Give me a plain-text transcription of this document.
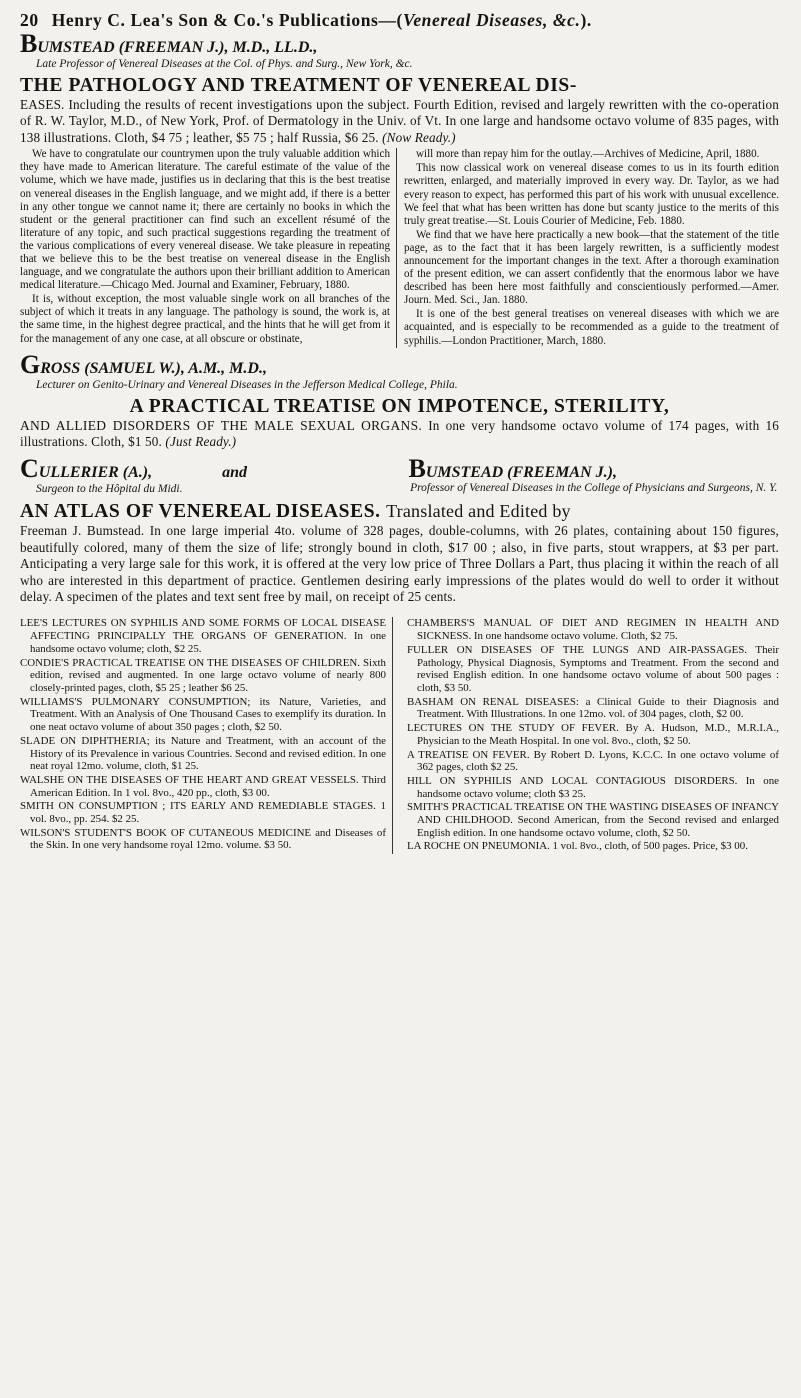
20 Henry C. Lea's Son & Co.'s Publications—(Venereal Diseases, &c.).
BUMSTEAD (FREEMAN J.), M.D., LL.D.,
Late Professor of Venereal Diseases at the Col. of Phys. and Surg., New York, &c.
THE PATHOLOGY AND TREATMENT OF VENEREAL DIS-
EASES. Including the results of recent investigations upon the subject. Fourth Edition, revised and largely rewritten with the co-operation of R. W. Taylor, M.D., of New York, Prof. of Dermatology in the Univ. of Vt. In one large and handsome octavo volume of 835 pages, with 138 illustrations. Cloth, $4 75 ; leather, $5 75 ; half Russia, $6 25. (Now Ready.)

We have to congratulate our countrymen upon the truly valuable addition which they have made to American literature. The careful estimate of the value of the volume, which we have made, justifies us in declaring that this is the best treatise on venereal diseases in the English language, and we might add, if there is a better in any other tongue we cannot name it; there are certainly no books in which the student or the general practitioner can find such an excellent résumé of the literature of any topic, and such practical suggestions regarding the treatment of the various complications of every venereal disease. We take pleasure in repeating that we believe this to be the best treatise on venereal disease in the English language, and we congratulate the authors upon their brilliant addition to American medical literature.—Chicago Med. Journal and Examiner, February, 1880.

It is, without exception, the most valuable single work on all branches of the subject of which it treats in any language. The pathology is sound, the work is, at the same time, in the highest degree practical, and the hints that he will get from it for the management of any one case, at all obscure or obstinate,

will more than repay him for the outlay.—Archives of Medicine, April, 1880.

This now classical work on venereal disease comes to us in its fourth edition rewritten, enlarged, and materially improved in every way. Dr. Taylor, as we had every reason to expect, has performed this part of his work with unusual excellence. We feel that what has been written has done but scanty justice to the merits of this truly great treatise.—St. Louis Courier of Medicine, Feb. 1880.

We find that we have here practically a new book—that the statement of the title page, as to the fact that it has been largely rewritten, is a sufficiently modest announcement for the important changes in the text. After a thorough examination of the present edition, we can assert confidently that the enormous labor we have described has been here most faithfully and conscientiously performed.—Amer. Journ. Med. Sci., Jan. 1880.

It is one of the best general treatises on venereal diseases with which we are acquainted, and is especially to be recommended as a guide to the treatment of syphilis.—London Practitioner, March, 1880.

GROSS (SAMUEL W.), A.M., M.D.,
Lecturer on Genito-Urinary and Venereal Diseases in the Jefferson Medical College, Phila.
A PRACTICAL TREATISE ON IMPOTENCE, STERILITY,
AND ALLIED DISORDERS OF THE MALE SEXUAL ORGANS. In one very handsome octavo volume of 174 pages, with 16 illustrations. Cloth, $1 50. (Just Ready.)
CULLERIER (A.),	and
Surgeon to the Hôpital du Midi.
BUMSTEAD (FREEMAN J.),
Professor of Venereal Diseases in the College of Physicians and Surgeons, N. Y.
AN ATLAS OF VENEREAL DISEASES. Translated and Edited by
Freeman J. Bumstead. In one large imperial 4to. volume of 328 pages, double-columns, with 26 plates, containing about 150 figures, beautifully colored, many of them the size of life; strongly bound in cloth, $17 00 ; also, in five parts, stout wrappers, at $3 per part. Anticipating a very large sale for this work, it is offered at the very low price of Three Dollars a Part, thus placing it within the reach of all who are interested in this department of practice. Gentlemen desiring early impressions of the plates would do well to order it without delay. A specimen of the plates and text sent free by mail, on receipt of 25 cents.

LEE'S LECTURES ON SYPHILIS AND SOME FORMS OF LOCAL DISEASE AFFECTING PRINCIPALLY THE ORGANS OF GENERATION. In one handsome octavo volume; cloth, $2 25.

CONDIE'S PRACTICAL TREATISE ON THE DISEASES OF CHILDREN. Sixth edition, revised and augmented. In one large octavo volume of nearly 800 closely-printed pages, cloth, $5 25 ; leather $6 25.

WILLIAMS'S PULMONARY CONSUMPTION; its Nature, Varieties, and Treatment. With an Analysis of One Thousand Cases to exemplify its duration. In one neat octavo volume of about 350 pages ; cloth, $2 50.

SLADE ON DIPHTHERIA; its Nature and Treatment, with an account of the History of its Prevalence in various Countries. Second and revised edition. In one neat royal 12mo. volume, cloth, $1 25.

WALSHE ON THE DISEASES OF THE HEART AND GREAT VESSELS. Third American Edition. In 1 vol. 8vo., 420 pp., cloth, $3 00.

SMITH ON CONSUMPTION ; ITS EARLY AND REMEDIABLE STAGES. 1 vol. 8vo., pp. 254. $2 25.

WILSON'S STUDENT'S BOOK OF CUTANEOUS MEDICINE and Diseases of the Skin. In one very handsome royal 12mo. volume. $3 50.

CHAMBERS'S MANUAL OF DIET AND REGIMEN IN HEALTH AND SICKNESS. In one handsome octavo volume. Cloth, $2 75.

FULLER ON DISEASES OF THE LUNGS AND AIR-PASSAGES. Their Pathology, Physical Diagnosis, Symptoms and Treatment. From the second and revised English edition. In one handsome octavo volume of about 500 pages : cloth, $3 50.

BASHAM ON RENAL DISEASES: a Clinical Guide to their Diagnosis and Treatment. With Illustrations. In one 12mo. vol. of 304 pages, cloth, $2 00.

LECTURES ON THE STUDY OF FEVER. By A. Hudson, M.D., M.R.I.A., Physician to the Meath Hospital. In one vol. 8vo., cloth, $2 50.

A TREATISE ON FEVER. By Robert D. Lyons, K.C.C. In one octavo volume of 362 pages, cloth $2 25.

HILL ON SYPHILIS AND LOCAL CONTAGIOUS DISORDERS. In one handsome octavo volume; cloth $3 25.

SMITH'S PRACTICAL TREATISE ON THE WASTING DISEASES OF INFANCY AND CHILDHOOD. Second American, from the Second revised and enlarged English edition. In one handsome octavo volume, cloth, $2 50.

LA ROCHE ON PNEUMONIA. 1 vol. 8vo., cloth, of 500 pages. Price, $3 00.
